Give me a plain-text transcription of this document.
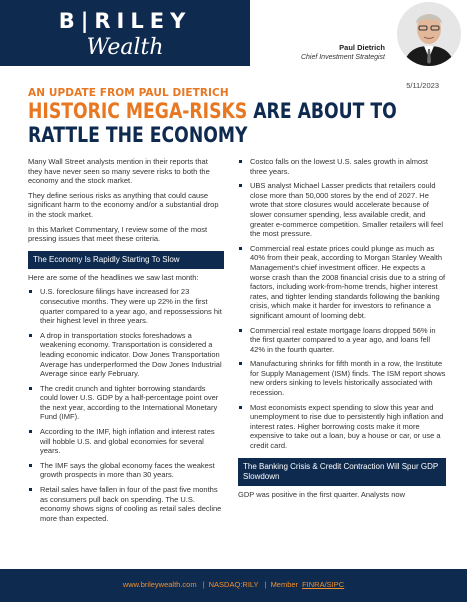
B|RILEY
Wealth	Paul Dietrich
Chief Investment Strategist
5/11/2023
AN UPDATE FROM PAUL DIETRICH
HISTORIC MEGA-RISKS ARE ABOUT TO RATTLE THE ECONOMY

Many Wall Street analysts mention in their reports that they have never seen so many severe risks to both the economy and the stock market.

They define serious risks as anything that could cause significant harm to the economy and/or a substantial drop in the stock market.

In this Market Commentary, I review some of the most pressing issues that meet these criteria.

The Economy Is Rapidly Starting To Slow

Here are some of the headlines we saw last month:

U.S. foreclosure filings have increased for 23 consecutive months. They were up 22% in the first quarter compared to a year ago, and repossessions hit their highest level in three years.
A drop in transportation stocks foreshadows a weakening economy. Transportation is considered a leading economic indicator. Dow Jones Transportation Average has underperformed the Dow Jones Industrial Average since early February.
The credit crunch and tighter borrowing standards could lower U.S. GDP by a half-percentage point over the next year, according to the International Monetary Fund (IMF).
According to the IMF, high inflation and interest rates will hobble U.S. and global economies for several years.
The IMF says the global economy faces the weakest growth prospects in more than 30 years.
Retail sales have fallen in four of the past five months as consumers pull back on spending. The U.S. economy shows signs of cooling as retail sales decline more than expected.
Costco falls on the lowest U.S. sales growth in almost three years.
UBS analyst Michael Lasser predicts that retailers could close more than 50,000 stores by the end of 2027. He wrote that store closures would accelerate because of slower consumer spending, less available credit, and greater e-commerce competition. Smaller retailers will feel the most pressure.
Commercial real estate prices could plunge as much as 40% from their peak, according to Morgan Stanley Wealth Management's chief investment officer. He expects a worse crash than the 2008 financial crisis due to a string of factors, including work-from-home trends, higher interest rates, and tighter lending standards following the banking crisis, which make it harder for investors to refinance a significant amount of looming debt.
Commercial real estate mortgage loans dropped 56% in the first quarter compared to a year ago, and loans fell 42% in the fourth quarter.
Manufacturing shrinks for fifth month in a row, the Institute for Supply Management (ISM) finds. The ISM report shows new orders sinking to levels historically associated with recession.
Most economists expect spending to slow this year and unemployment to rise due to persistently high inflation and interest rates. Higher borrowing costs make it more expensive to take out a loan, buy a house or car, or use a credit card.
The Banking Crisis & Credit Contraction Will Spur GDP Slowdown

GDP was positive in the first quarter. Analysts now

www.brileywealth.com | NASDAQ:RILY | Member FINRA/SIPC
